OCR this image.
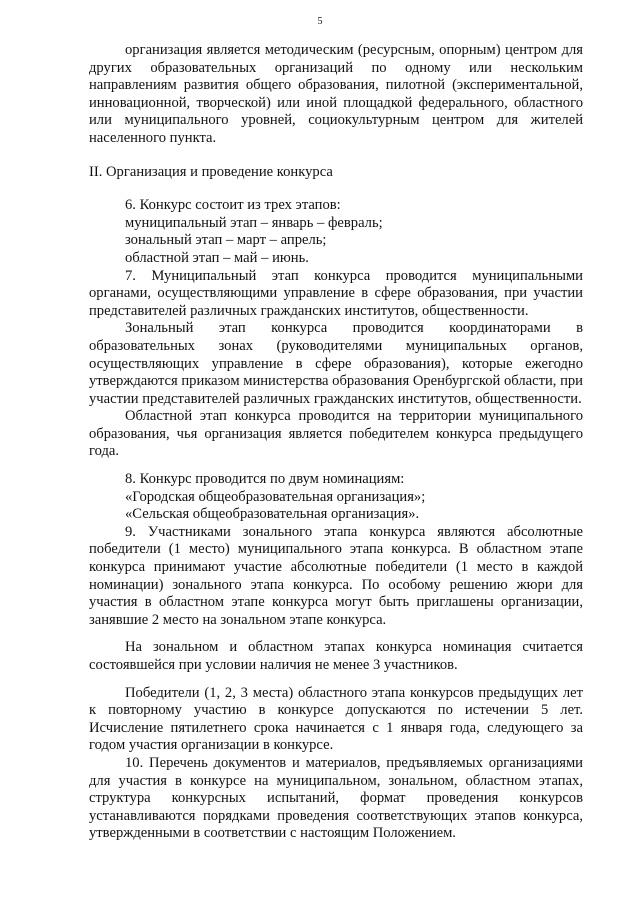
5

организация является методическим (ресурсным, опорным) центром для других образовательных организаций по одному или нескольким направлениям развития общего образования, пилотной (экспериментальной, инновационной, творческой) или иной площадкой федерального, областного или муниципального уровней, социокультурным центром для жителей населенного пункта.

II. Организация и проведение конкурса

6. Конкурс состоит из трех этапов:
муниципальный этап – январь – февраль;
зональный этап – март – апрель;
областной этап – май – июнь.

7. Муниципальный этап конкурса проводится муниципальными органами, осуществляющими управление в сфере образования, при участии представителей различных гражданских институтов, общественности.

Зональный этап конкурса проводится координаторами в образовательных зонах (руководителями муниципальных органов, осуществляющих управление в сфере образования), которые ежегодно утверждаются приказом министерства образования Оренбургской области, при участии представителей различных гражданских институтов, общественности.

Областной этап конкурса проводится на территории муниципального образования, чья организация является победителем конкурса предыдущего года.

8. Конкурс проводится по двум номинациям:
«Городская общеобразовательная организация»;
«Сельская общеобразовательная организация».

9. Участниками зонального этапа конкурса являются абсолютные победители (1 место) муниципального этапа конкурса. В областном этапе конкурса принимают участие абсолютные победители (1 место в каждой номинации) зонального этапа конкурса. По особому решению жюри для участия в областном этапе конкурса могут быть приглашены организации, занявшие 2 место на зональном этапе конкурса.

На зональном и областном этапах конкурса номинация считается состоявшейся при условии наличия не менее 3 участников.

Победители (1, 2, 3 места) областного этапа конкурсов предыдущих лет к повторному участию в конкурсе допускаются по истечении 5 лет. Исчисление пятилетнего срока начинается с 1 января года, следующего за годом участия организации в конкурсе.

10. Перечень документов и материалов, предъявляемых организациями для участия в конкурсе на муниципальном, зональном, областном этапах, структура конкурсных испытаний, формат проведения конкурсов устанавливаются порядками проведения соответствующих этапов конкурса, утвержденными в соответствии с настоящим Положением.
